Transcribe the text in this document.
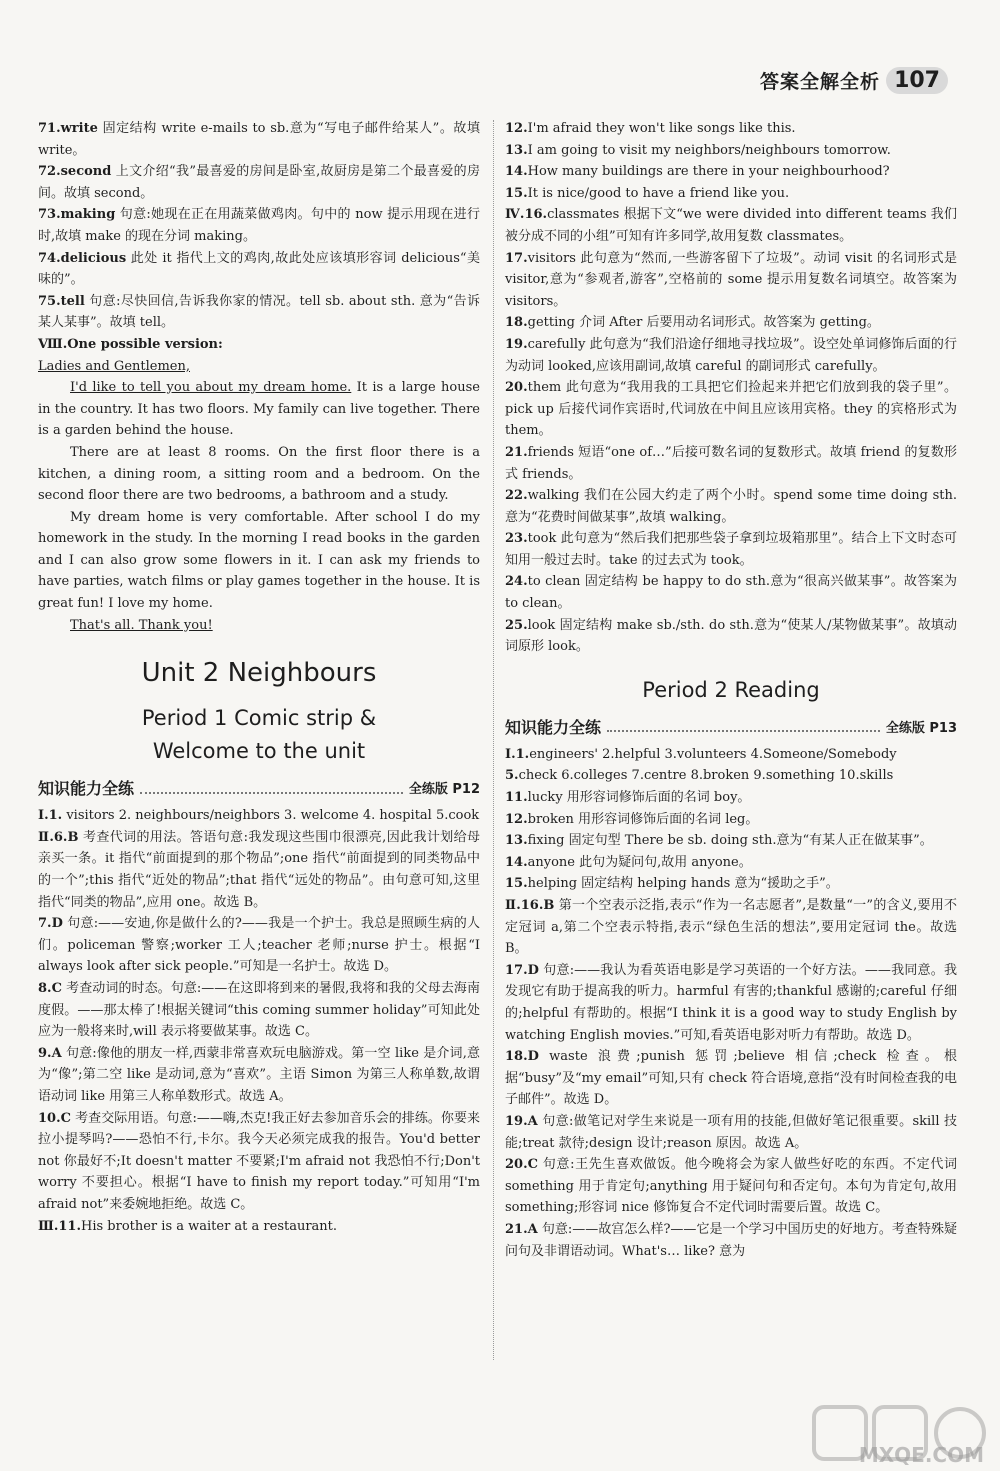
答案全解全析 107

71.write 固定结构 write e-mails to sb.意为“写电子邮件给某人”。故填 write。

72.second 上文介绍“我”最喜爱的房间是卧室,故厨房是第二个最喜爱的房间。故填 second。

73.making 句意:她现在正在用蔬菜做鸡肉。句中的 now 提示用现在进行时,故填 make 的现在分词 making。

74.delicious 此处 it 指代上文的鸡肉,故此处应该填形容词 delicious“美味的”。

75.tell 句意:尽快回信,告诉我你家的情况。tell sb. about sth. 意为“告诉某人某事”。故填 tell。

Ⅷ.One possible version:

Ladies and Gentlemen,

I'd like to tell you about my dream home. It is a large house in the country. It has two floors. My family can live together. There is a garden behind the house.

There are at least 8 rooms. On the first floor there is a kitchen, a dining room, a sitting room and a bedroom. On the second floor there are two bedrooms, a bathroom and a study.

My dream home is very comfortable. After school I do my homework in the study. In the morning I read books in the garden and I can also grow some flowers in it. I can ask my friends to have parties, watch films or play games together in the house. It is great fun! I love my home.

That's all. Thank you!

Unit 2 Neighbours
Period 1 Comic strip &
Welcome to the unit
知识能力全练	全练版 P12

Ⅰ.1. visitors 2. neighbours/neighbors 3. welcome 4. hospital 5.cook

Ⅱ.6.B 考查代词的用法。答语句意:我发现这些围巾很漂亮,因此我计划给母亲买一条。it 指代“前面提到的那个物品”;one 指代“前面提到的同类物品中的一个”;this 指代“近处的物品”;that 指代“远处的物品”。由句意可知,这里指代“同类的物品”,应用 one。故选 B。

7.D 句意:——安迪,你是做什么的?——我是一个护士。我总是照顾生病的人们。policeman 警察;worker 工人;teacher 老师;nurse 护士。根据“I always look after sick people.”可知是一名护士。故选 D。

8.C 考查动词的时态。句意:——在这即将到来的暑假,我将和我的父母去海南度假。——那太棒了!根据关键词“this coming summer holiday”可知此处应为一般将来时,will 表示将要做某事。故选 C。

9.A 句意:像他的朋友一样,西蒙非常喜欢玩电脑游戏。第一空 like 是介词,意为“像”;第二空 like 是动词,意为“喜欢”。主语 Simon 为第三人称单数,故谓语动词 like 用第三人称单数形式。故选 A。

10.C 考查交际用语。句意:——嗨,杰克!我正好去参加音乐会的排练。你要来拉小提琴吗?——恐怕不行,卡尔。我今天必须完成我的报告。You'd better not 你最好不;It doesn't matter 不要紧;I'm afraid not 我恐怕不行;Don't worry 不要担心。根据“I have to finish my report today.”可知用“I'm afraid not”来委婉地拒绝。故选 C。

Ⅲ.11.His brother is a waiter at a restaurant.

12.I'm afraid they won't like songs like this.

13.I am going to visit my neighbors/neighbours tomorrow.

14.How many buildings are there in your neighbourhood?

15.It is nice/good to have a friend like you.

Ⅳ.16.classmates 根据下文“we were divided into different teams 我们被分成不同的小组”可知有许多同学,故用复数 classmates。

17.visitors 此句意为“然而,一些游客留下了垃圾”。动词 visit 的名词形式是 visitor,意为“参观者,游客”,空格前的 some 提示用复数名词填空。故答案为 visitors。

18.getting 介词 After 后要用动名词形式。故答案为 getting。

19.carefully 此句意为“我们沿途仔细地寻找垃圾”。设空处单词修饰后面的行为动词 looked,应该用副词,故填 careful 的副词形式 carefully。

20.them 此句意为“我用我的工具把它们捡起来并把它们放到我的袋子里”。pick up 后接代词作宾语时,代词放在中间且应该用宾格。they 的宾格形式为 them。

21.friends 短语“one of…”后接可数名词的复数形式。故填 friend 的复数形式 friends。

22.walking 我们在公园大约走了两个小时。spend some time doing sth.意为“花费时间做某事”,故填 walking。

23.took 此句意为“然后我们把那些袋子拿到垃圾箱那里”。结合上下文时态可知用一般过去时。take 的过去式为 took。

24.to clean 固定结构 be happy to do sth.意为“很高兴做某事”。故答案为 to clean。

25.look 固定结构 make sb./sth. do sth.意为“使某人/某物做某事”。故填动词原形 look。

Period 2 Reading
知识能力全练	全练版 P13

Ⅰ.1.engineers' 2.helpful 3.volunteers 4.Someone/Somebody

5.check 6.colleges 7.centre 8.broken 9.something 10.skills

11.lucky 用形容词修饰后面的名词 boy。

12.broken 用形容词修饰后面的名词 leg。

13.fixing 固定句型 There be sb. doing sth.意为“有某人正在做某事”。

14.anyone 此句为疑问句,故用 anyone。

15.helping 固定结构 helping hands 意为“援助之手”。

Ⅱ.16.B 第一个空表示泛指,表示“作为一名志愿者”,是数量“一”的含义,要用不定冠词 a,第二个空表示特指,表示“绿色生活的想法”,要用定冠词 the。故选 B。

17.D 句意:——我认为看英语电影是学习英语的一个好方法。——我同意。我发现它有助于提高我的听力。harmful 有害的;thankful 感谢的;careful 仔细的;helpful 有帮助的。根据“I think it is a good way to study English by watching English movies.”可知,看英语电影对听力有帮助。故选 D。

18.D waste 浪费;punish 惩罚;believe 相信;check 检查。根据“busy”及“my email”可知,只有 check 符合语境,意指“没有时间检查我的电子邮件”。故选 D。

19.A 句意:做笔记对学生来说是一项有用的技能,但做好笔记很重要。skill 技能;treat 款待;design 设计;reason 原因。故选 A。

20.C 句意:王先生喜欢做饭。他今晚将会为家人做些好吃的东西。不定代词 something 用于肯定句;anything 用于疑问句和否定句。本句为肯定句,故用 something;形容词 nice 修饰复合不定代词时需要后置。故选 C。

21.A 句意:——故宫怎么样?——它是一个学习中国历史的好地方。考查特殊疑问句及非谓语动词。What's… like? 意为

MXQE.COM
